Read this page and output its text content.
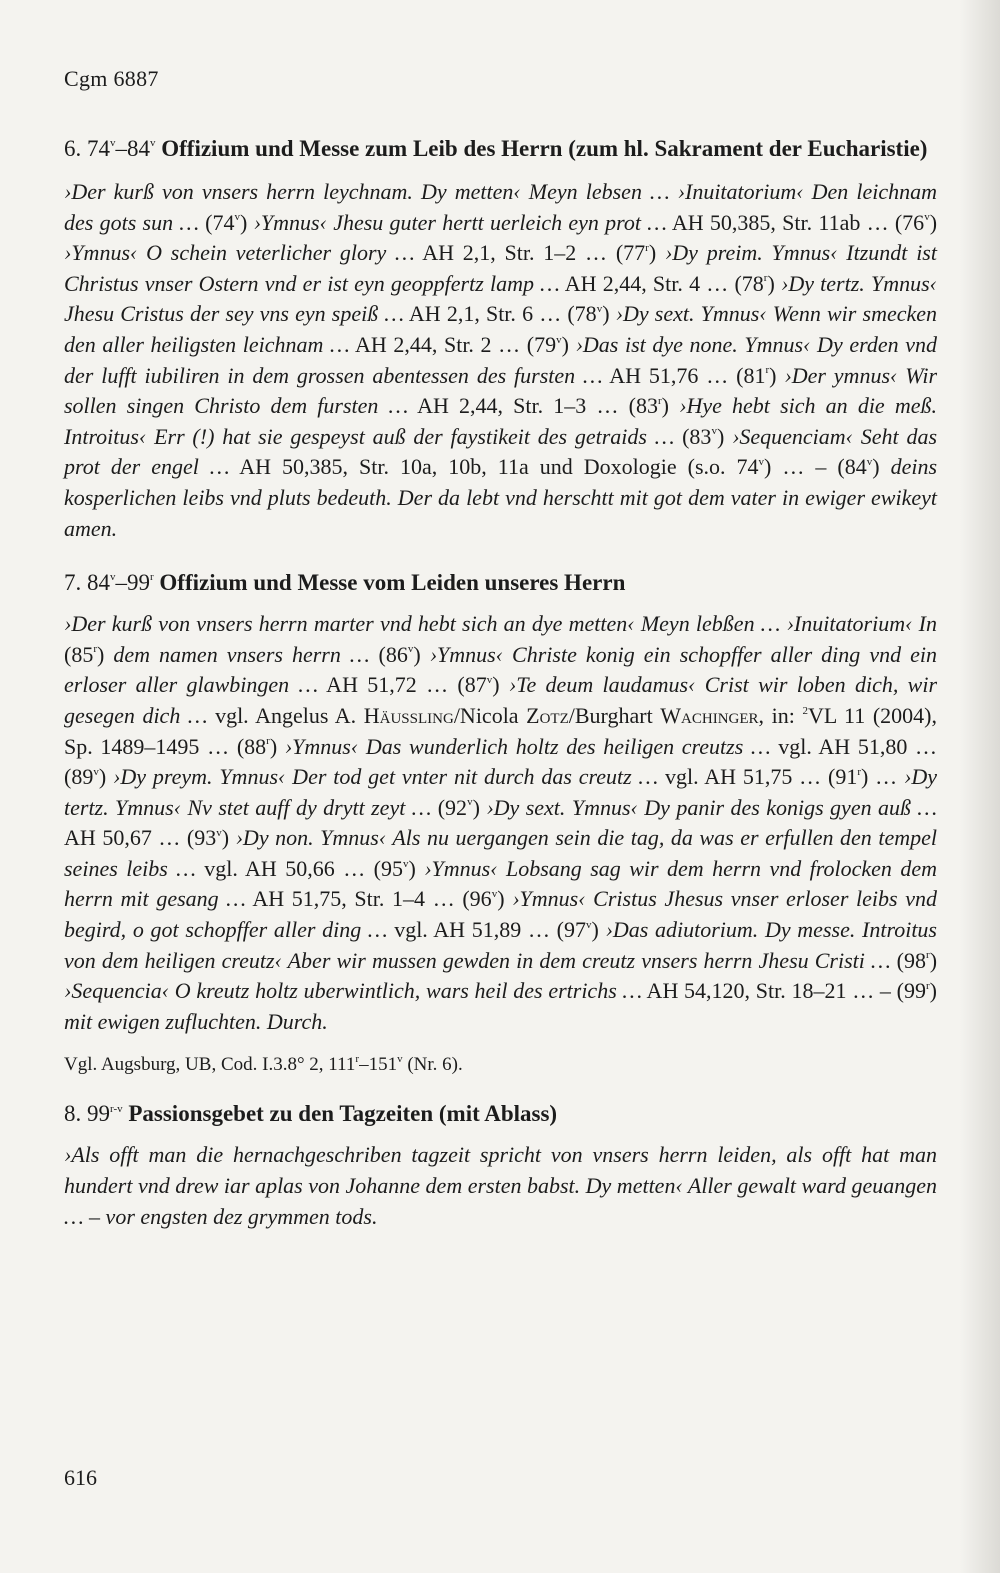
Cgm 6887

6. 74$^v$–84$^v$ Offizium und Messe zum Leib des Herrn (zum hl. Sakrament der Eucharistie)

›Der kurß von vnsers herrn leychnam. Dy metten‹ Meyn lebsen … ›Inuitatorium‹ Den leichnam des gots sun … (74$^v$) ›Ymnus‹ Jhesu guter hertt uerleich eyn prot … AH 50,385, Str. 11ab … (76$^v$) ›Ymnus‹ O schein veterlicher glory … AH 2,1, Str. 1–2 … (77$^r$) ›Dy preim. Ymnus‹ Itzundt ist Christus vnser Ostern vnd er ist eyn geoppfertz lamp … AH 2,44, Str. 4 … (78$^r$) ›Dy tertz. Ymnus‹ Jhesu Cristus der sey vns eyn speiß … AH 2,1, Str. 6 … (78$^v$) ›Dy sext. Ymnus‹ Wenn wir smecken den aller heiligsten leichnam … AH 2,44, Str. 2 … (79$^v$) ›Das ist dye none. Ymnus‹ Dy erden vnd der lufft iubiliren in dem grossen abentessen des fursten … AH 51,76 … (81$^r$) ›Der ymnus‹ Wir sollen singen Christo dem fursten … AH 2,44, Str. 1–3 … (83$^r$) ›Hye hebt sich an die meß. Introitus‹ Err (!) hat sie gespeyst auß der faystikeit des getraids … (83$^v$) ›Sequenciam‹ Seht das prot der engel … AH 50,385, Str. 10a, 10b, 11a und Doxologie (s.o. 74$^v$) … – (84$^v$) deins kosperlichen leibs vnd pluts bedeuth. Der da lebt vnd herschtt mit got dem vater in ewiger ewikeyt amen.

7. 84$^v$–99$^r$ Offizium und Messe vom Leiden unseres Herrn

›Der kurß von vnsers herrn marter vnd hebt sich an dye metten‹ Meyn lebßen … ›Inuitatorium‹ In (85$^r$) dem namen vnsers herrn … (86$^v$) ›Ymnus‹ Christe konig ein schopffer aller ding vnd ein erloser aller glawbingen … AH 51,72 … (87$^v$) ›Te deum laudamus‹ Crist wir loben dich, wir gesegen dich … vgl. Angelus A. Häussling/Nicola Zotz/Burghart Wachinger, in: $^2$VL 11 (2004), Sp. 1489–1495 … (88$^r$) ›Ymnus‹ Das wunderlich holtz des heiligen creutzs … vgl. AH 51,80 … (89$^v$) ›Dy preym. Ymnus‹ Der tod get vnter nit durch das creutz … vgl. AH 51,75 … (91$^r$) … ›Dy tertz. Ymnus‹ Nv stet auff dy drytt zeyt … (92$^v$) ›Dy sext. Ymnus‹ Dy panir des konigs gyen auß … AH 50,67 … (93$^v$) ›Dy non. Ymnus‹ Als nu uergangen sein die tag, da was er erfullen den tempel seines leibs … vgl. AH 50,66 … (95$^v$) ›Ymnus‹ Lobsang sag wir dem herrn vnd frolocken dem herrn mit gesang … AH 51,75, Str. 1–4 … (96$^v$) ›Ymnus‹ Cristus Jhesus vnser erloser leibs vnd begird, o got schopffer aller ding … vgl. AH 51,89 … (97$^v$) ›Das adiutorium. Dy messe. Introitus von dem heiligen creutz‹ Aber wir mussen gewden in dem creutz vnsers herrn Jhesu Cristi … (98$^r$) ›Sequencia‹ O kreutz holtz uberwintlich, wars heil des ertrichs … AH 54,120, Str. 18–21 … – (99$^r$) mit ewigen zufluchten. Durch.

Vgl. Augsburg, UB, Cod. I.3.8° 2, 111$^r$–151$^v$ (Nr. 6).

8. 99$^{r-v}$ Passionsgebet zu den Tagzeiten (mit Ablass)

›Als offt man die hernachgeschriben tagzeit spricht von vnsers herrn leiden, als offt hat man hundert vnd drew iar aplas von Johanne dem ersten babst. Dy metten‹ Aller gewalt ward geuangen … – vor engsten dez grymmen tods.

616
